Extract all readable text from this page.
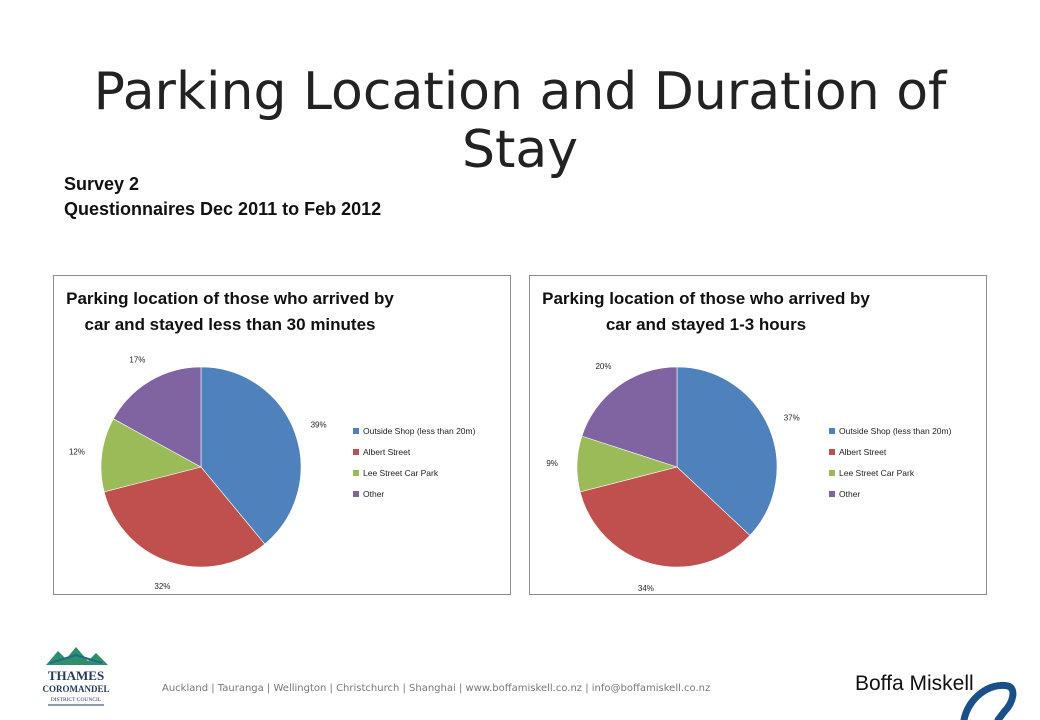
Parking Location and Duration of Stay
Survey 2
Questionnaires Dec 2011 to Feb 2012
Parking location of those who arrived by
car and stayed less than 30 minutes
39%
32%
12%
17%
Outside Shop (less than 20m)
Albert Street
Lee Street Car Park
Other
Parking location of those who arrived by
car and stayed 1-3 hours
37%
34%
9%
20%
Outside Shop (less than 20m)
Albert Street
Lee Street Car Park
Other
THAMES
COROMANDEL
DISTRICT COUNCIL
Auckland | Tauranga | Wellington | Christchurch | Shanghai | www.boffamiskell.co.nz | info@boffamiskell.co.nz	Boffa Miskell
